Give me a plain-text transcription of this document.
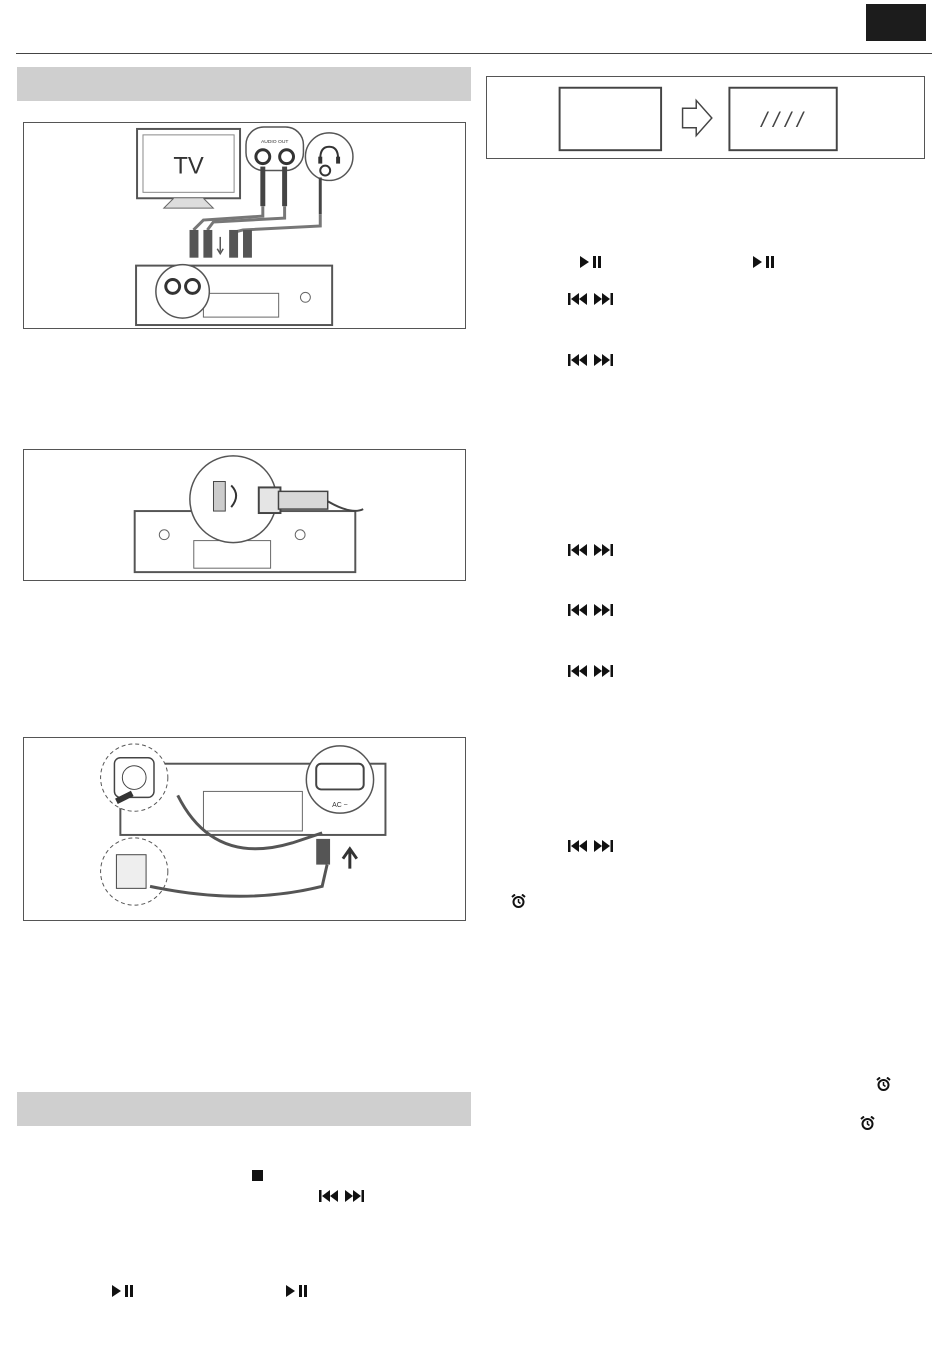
TV
AUDIO OUT
AC ~
/ / / /
